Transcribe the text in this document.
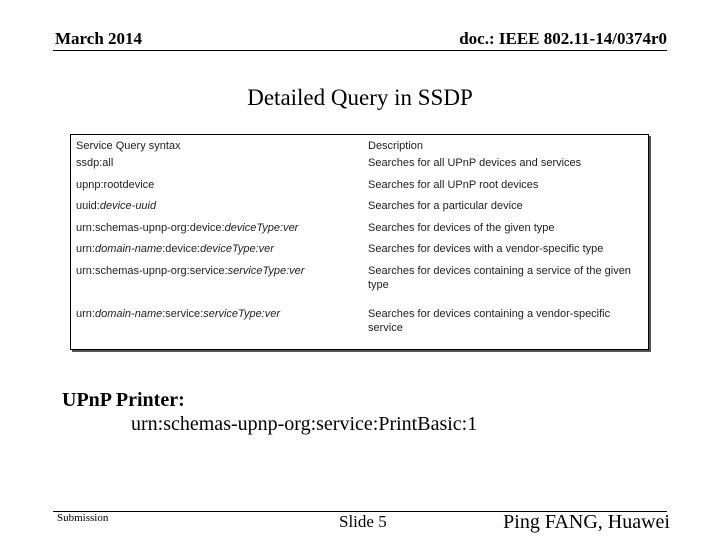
March 2014	doc.: IEEE 802.11-14/0374r0
Detailed Query in SSDP
Service Query syntax	Description
ssdp:all	Searches for all UPnP devices and services
upnp:rootdevice	Searches for all UPnP root devices
uuid:device-uuid	Searches for a particular device
urn:schemas-upnp-org:device:deviceType:ver	Searches for devices of the given type
urn:domain-name:device:deviceType:ver	Searches for devices with a vendor-specific type
urn:schemas-upnp-org:service:serviceType:ver	Searches for devices containing a service of the given type
urn:domain-name:service:serviceType:ver	Searches for devices containing a vendor-specific service
UPnP Printer:
urn:schemas-upnp-org:service:PrintBasic:1
Submission	Slide 5	Ping FANG, Huawei
